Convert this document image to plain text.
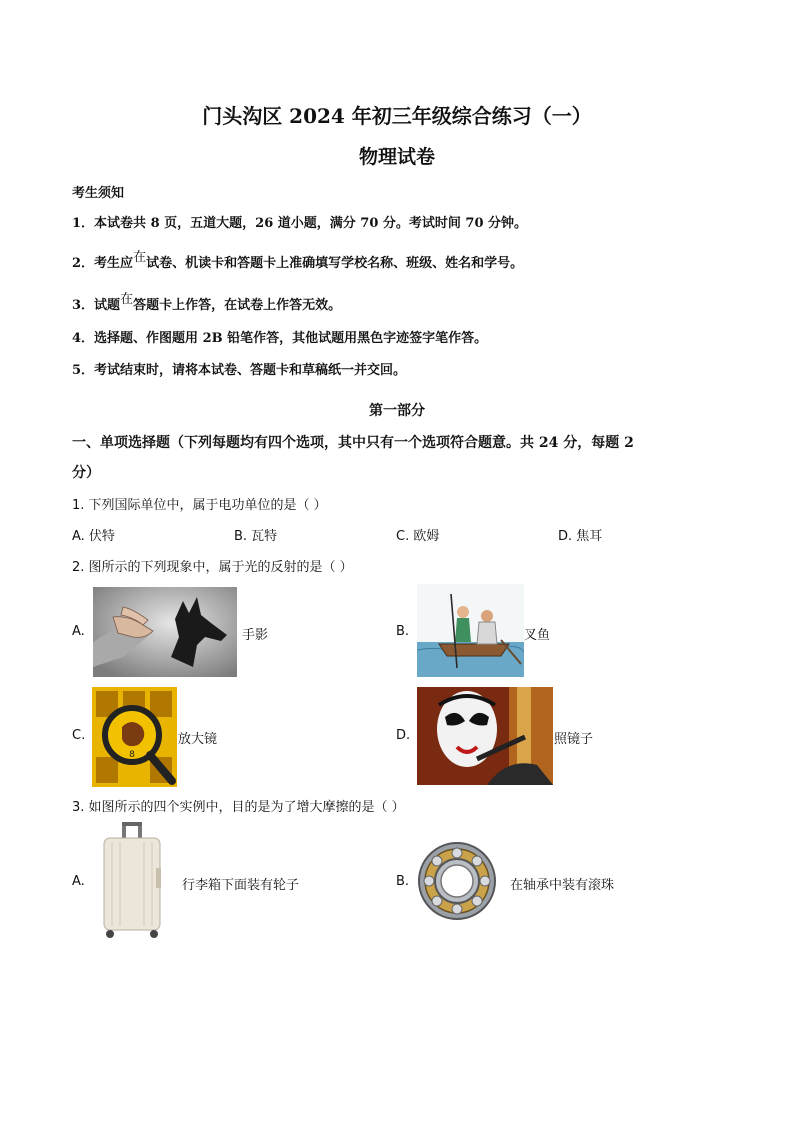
门头沟区 2024 年初三年级综合练习（一）
物理试卷
考生须知
1．本试卷共 8 页，五道大题，26 道小题，满分 70 分。考试时间 70 分钟。
2．考生应在试卷、机读卡和答题卡上准确填写学校名称、班级、姓名和学号。
3．试题在答题卡上作答，在试卷上作答无效。
4．选择题、作图题用 2B 铅笔作答，其他试题用黑色字迹签字笔作答。
5．考试结束时，请将本试卷、答题卡和草稿纸一并交回。
第一部分
一、单项选择题（下列每题均有四个选项，其中只有一个选项符合题意。共 24 分，每题 2
分）
1. 下列国际单位中，属于电功单位的是（ ）
A. 伏特	B. 瓦特	C. 欧姆	D. 焦耳
2. 图所示的下列现象中，属于光的反射的是（ ）
A.	手影	B.	叉鱼
C.
8
放大镜	D.	照镜子
3. 如图所示的四个实例中，目的是为了增大摩擦的是（ ）
A.	行李箱下面装有轮子	B.	在轴承中装有滚珠
